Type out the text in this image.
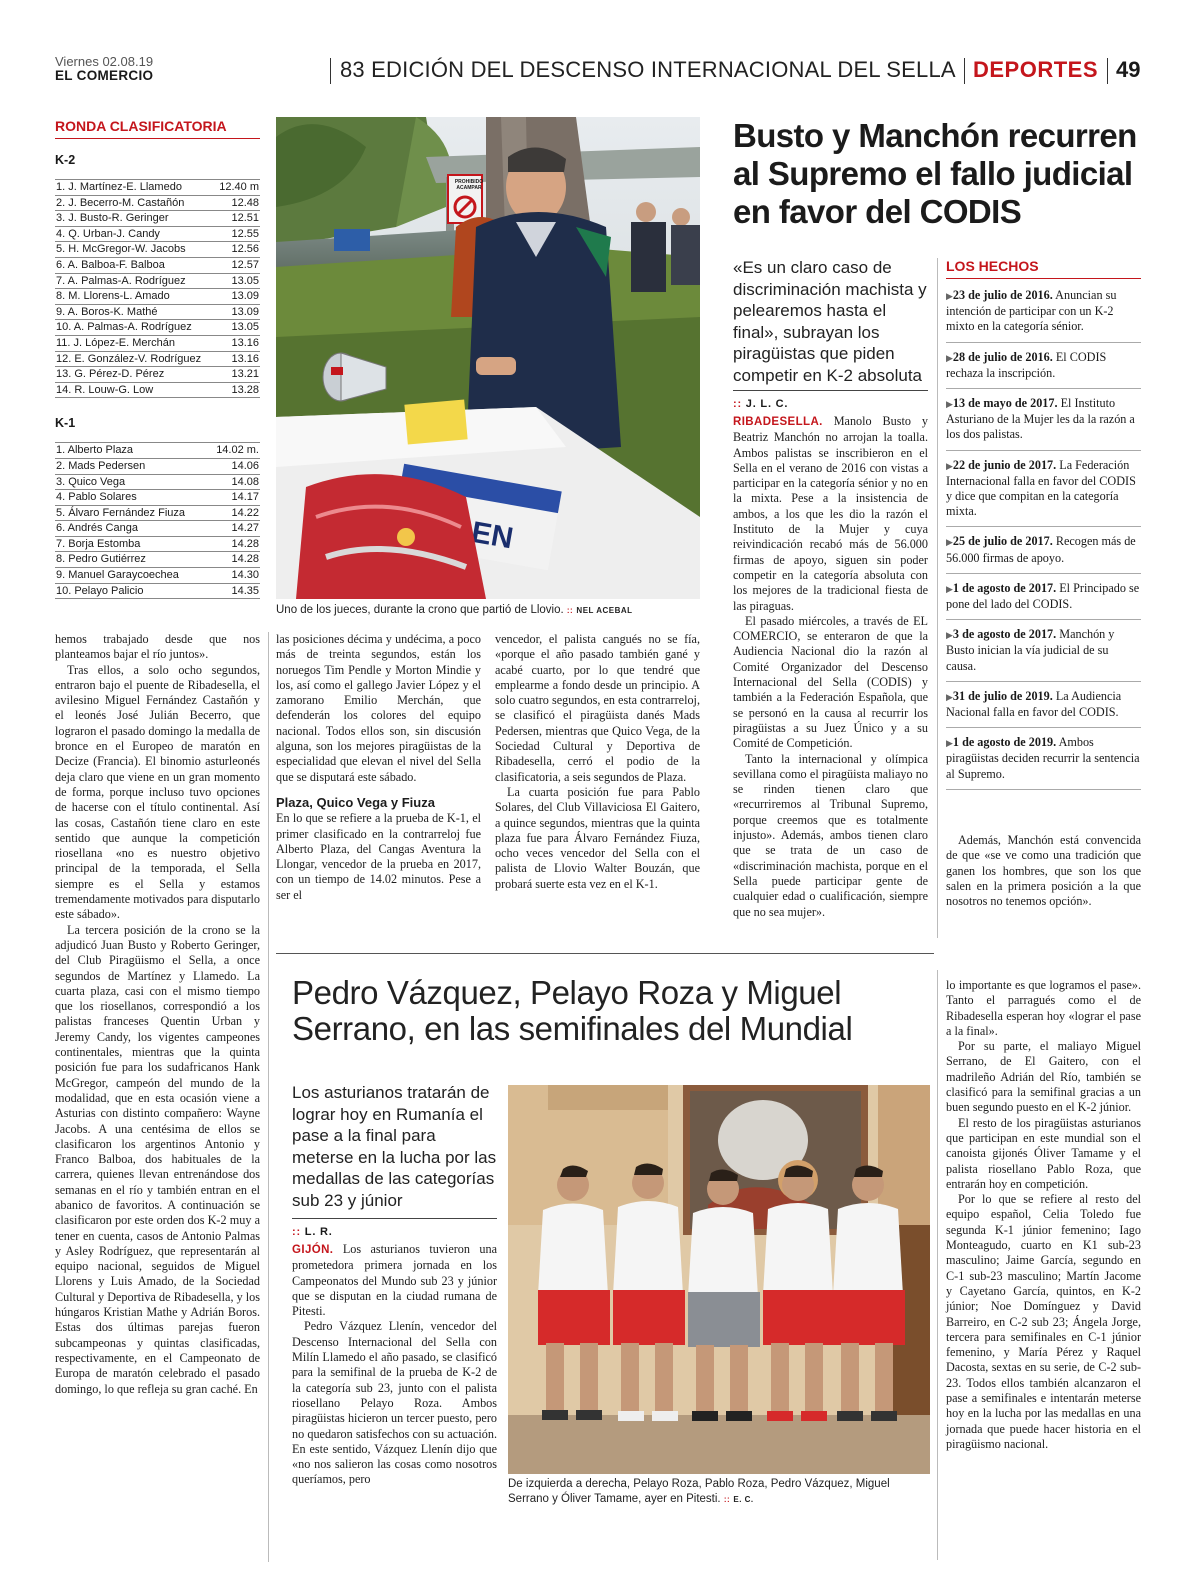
Viernes 02.08.19
EL COMERCIO	83 EDICIÓN DEL DESCENSO INTERNACIONAL DEL SELLA DEPORTES 49
RONDA CLASIFICATORIA
K-2
1. J. Martínez-E. Llamedo	12.40 m
2. J. Becerro-M. Castañón	12.48
3. J. Busto-R. Geringer	12.51
4. Q. Urban-J. Candy	12.55
5. H. McGregor-W. Jacobs	12.56
6. A. Balboa-F. Balboa	12.57
7. A. Palmas-A. Rodríguez	13.05
8. M. Llorens-L. Amado	13.09
9. A. Boros-K. Mathé	13.09
10. A. Palmas-A. Rodríguez	13.05
11. J. López-E. Merchán	13.16
12. E. González-V. Rodríguez	13.16
13. G. Pérez-D. Pérez	13.21
14. R. Louw-G. Low	13.28
K-1
1. Alberto Plaza	14.02 m.
2. Mads Pedersen	14.06
3. Quico Vega	14.08
4. Pablo Solares	14.17
5. Álvaro Fernández Fiuza	14.22
6. Andrés Canga	14.27
7. Borja Estomba	14.28
8. Pedro Gutiérrez	14.28
9. Manuel Garaycoechea	14.30
10. Pelayo Palicio	14.35
EN
PROHIBIDO ACAMPAR
Uno de los jueces, durante la crono que partió de Llovio. :: NEL ACEBAL
Busto y Manchón recurren al Supremo el fallo judicial en favor del CODIS
«Es un claro caso de discriminación machista y pelearemos hasta el final», subrayan los piragüistas que piden competir en K-2 absoluta
:: J. L. C.

RIBADESELLA. Manolo Busto y Beatriz Manchón no arrojan la toalla. Ambos palistas se inscribieron en el Sella en el verano de 2016 con vistas a participar en la categoría sénior y no en la mixta. Pese a la insistencia de ambos, a los que les dio la razón el Instituto de la Mujer y cuya reivindicación recabó más de 56.000 firmas de apoyo, siguen sin poder competir en la categoría absoluta con los mejores de la tradicional fiesta de las piraguas.

El pasado miércoles, a través de EL COMERCIO, se enteraron de que la Audiencia Nacional dio la razón al Comité Organizador del Descenso Internacional del Sella (CODIS) y también a la Federación Española, que se personó en la causa al recurrir los piragüistas a su Juez Único y a su Comité de Competición.

Tanto la internacional y olímpica sevillana como el piragüista maliayo no se rinden tienen claro que «recurriremos al Tribunal Supremo, porque creemos que es totalmente injusto». Además, ambos tienen claro que se trata de un caso de «discriminación machista, porque en el Sella puede participar gente de cualquier edad o cualificación, siempre que no sea mujer».

LOS HECHOS
▶23 de julio de 2016. Anuncian su intención de participar con un K-2 mixto en la categoría sénior.
▶28 de julio de 2016. El CODIS rechaza la inscripción.
▶13 de mayo de 2017. El Instituto Asturiano de la Mujer les da la razón a los dos palistas.
▶22 de junio de 2017. La Federación Internacional falla en favor del CODIS y dice que compitan en la categoría mixta.
▶25 de julio de 2017. Recogen más de 56.000 firmas de apoyo.
▶1 de agosto de 2017. El Principado se pone del lado del CODIS.
▶3 de agosto de 2017. Manchón y Busto inician la vía judicial de su causa.
▶31 de julio de 2019. La Audiencia Nacional falla en favor del CODIS.
▶1 de agosto de 2019. Ambos piragüistas deciden recurrir la sentencia al Supremo.

Además, Manchón está convencida de que «se ve como una tradición que ganen los hombres, que son los que salen en la primera posición a la que nosotros no tenemos opción».

hemos trabajado desde que nos planteamos bajar el río juntos».

Tras ellos, a solo ocho segundos, entraron bajo el puente de Ribadesella, el avilesino Miguel Fernández Castañón y el leonés José Julián Becerro, que lograron el pasado domingo la medalla de bronce en el Europeo de maratón en Decize (Francia). El binomio asturleonés deja claro que viene en un gran momento de forma, porque incluso tuvo opciones de hacerse con el título continental. Así las cosas, Castañón tiene claro en este sentido que aunque la competición riosellana «no es nuestro objetivo principal de la temporada, el Sella siempre es el Sella y estamos tremendamente motivados para disputarlo este sábado».

La tercera posición de la crono se la adjudicó Juan Busto y Roberto Geringer, del Club Piragüismo el Sella, a once segundos de Martínez y Llamedo. La cuarta plaza, casi con el mismo tiempo que los riosellanos, correspondió a los palistas franceses Quentin Urban y Jeremy Candy, los vigentes campeones continentales, mientras que la quinta posición fue para los sudafricanos Hank McGregor, campeón del mundo de la modalidad, que en esta ocasión viene a Asturias con distinto compañero: Wayne Jacobs. A una centésima de ellos se clasificaron los argentinos Antonio y Franco Balboa, dos habituales de la carrera, quienes llevan entrenándose dos semanas en el río y también entran en el abanico de favoritos. A continuación se clasificaron por este orden dos K-2 muy a tener en cuenta, casos de Antonio Palmas y Asley Rodríguez, que representarán al equipo nacional, seguidos de Miguel Llorens y Luis Amado, de la Sociedad Cultural y Deportiva de Ribadesella, y los húngaros Kristian Mathe y Adrián Boros. Estas dos últimas parejas fueron subcampeonas y quintas clasificadas, respectivamente, en el Campeonato de Europa de maratón celebrado el pasado domingo, lo que refleja su gran caché. En

las posiciones décima y undécima, a poco más de treinta segundos, están los noruegos Tim Pendle y Morton Mindie y los, así como el gallego Javier López y el zamorano Emilio Merchán, que defenderán los colores del equipo nacional. Todos ellos son, sin discusión alguna, son los mejores piragüistas de la especialidad que elevan el nivel del Sella que se disputará este sábado.

Plaza, Quico Vega y Fiuza

En lo que se refiere a la prueba de K-1, el primer clasificado en la contrarreloj fue Alberto Plaza, del Cangas Aventura la Llongar, vencedor de la prueba en 2017, con un tiempo de 14.02 minutos. Pese a ser el

vencedor, el palista cangués no se fía, «porque el año pasado también gané y acabé cuarto, por lo que tendré que emplearme a fondo desde un principio. A solo cuatro segundos, en esta contrarreloj, se clasificó el piragüista danés Mads Pedersen, mientras que Quico Vega, de la Sociedad Cultural y Deportiva de Ribadesella, cerró el podio de la clasificatoria, a seis segundos de Plaza.

La cuarta posición fue para Pablo Solares, del Club Villaviciosa El Gaitero, a quince segundos, mientras que la quinta plaza fue para Álvaro Fernández Fiuza, ocho veces vencedor del Sella con el palista de Llovio Walter Bouzán, que probará suerte esta vez en el K-1.

Pedro Vázquez, Pelayo Roza y Miguel Serrano, en las semifinales del Mundial
Los asturianos tratarán de lograr hoy en Rumanía el pase a la final para meterse en la lucha por las medallas de las categorías sub 23 y júnior
:: L. R.

GIJÓN. Los asturianos tuvieron una prometedora primera jornada en los Campeonatos del Mundo sub 23 y júnior que se disputan en la ciudad rumana de Pitesti.

Pedro Vázquez Llenín, vencedor del Descenso Internacional del Sella con Milín Llamedo el año pasado, se clasificó para la semifinal de la prueba de K-2 de la categoría sub 23, junto con el palista riosellano Pelayo Roza. Ambos piragüistas hicieron un tercer puesto, pero no quedaron satisfechos con su actuación. En este sentido, Vázquez Llenín dijo que «no nos salieron las cosas como nosotros queríamos, pero	De izquierda a derecha, Pelayo Roza, Pablo Roza, Pedro Vázquez, Miguel Serrano y Óliver Tamame, ayer en Pitesti. :: E. C.

lo importante es que logramos el pase». Tanto el parragués como el de Ribadesella esperan hoy «lograr el pase a la final».

Por su parte, el maliayo Miguel Serrano, de El Gaitero, con el madrileño Adrián del Río, también se clasificó para la semifinal gracias a un buen segundo puesto en el K-2 júnior.

El resto de los piragüistas asturianos que participan en este mundial son el canoista gijonés Óliver Tamame y el palista riosellano Pablo Roza, que entrarán hoy en competición.

Por lo que se refiere al resto del equipo español, Celia Toledo fue segunda K-1 júnior femenino; Iago Monteagudo, cuarto en K1 sub-23 masculino; Jaime García, segundo en C-1 sub-23 masculino; Martín Jacome y Cayetano García, quintos, en K-2 júnior; Noe Domínguez y David Barreiro, en C-2 sub 23; Ángela Jorge, tercera para semifinales en C-1 júnior femenino, y María Pérez y Raquel Dacosta, sextas en su serie, de C-2 sub-23. Todos ellos también alcanzaron el pase a semifinales e intentarán meterse hoy en la lucha por las medallas en una jornada que puede hacer historia en el piragüismo nacional.
